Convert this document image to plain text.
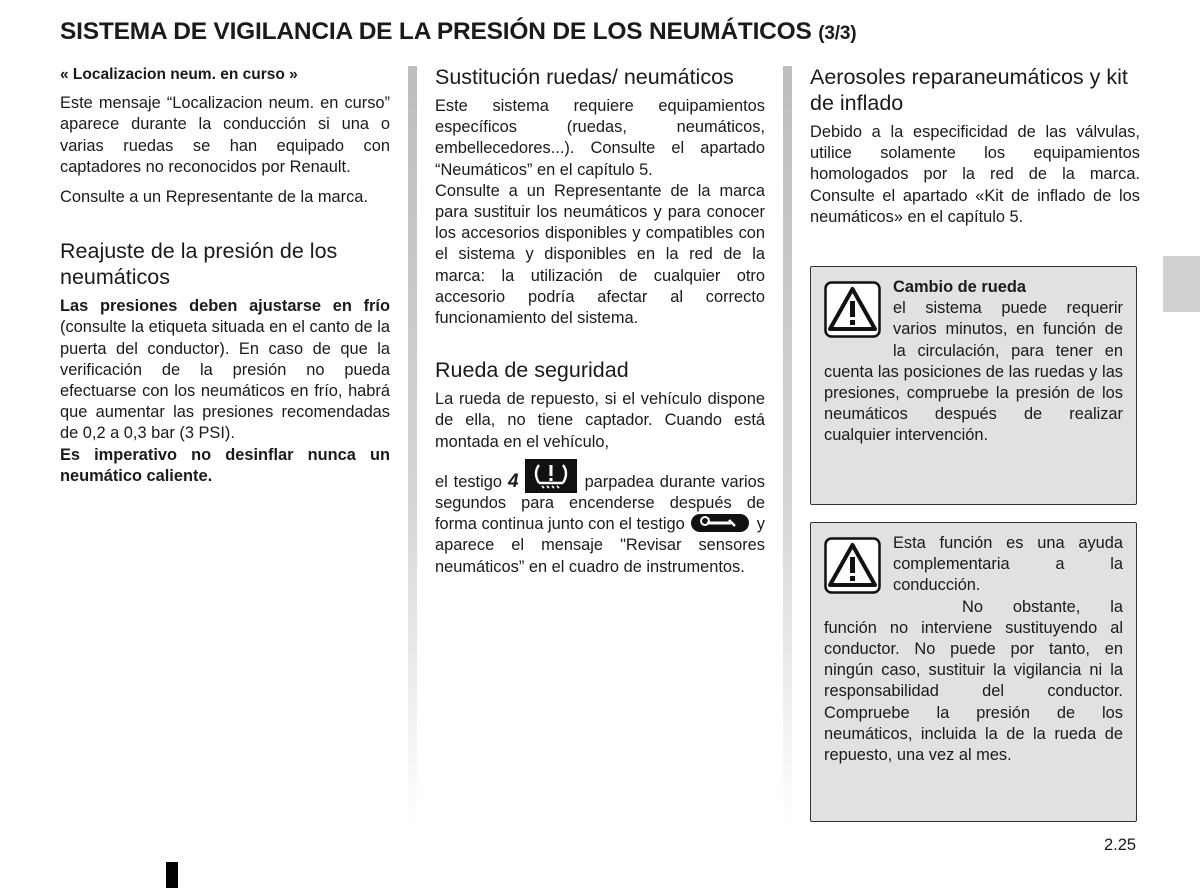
SISTEMA DE VIGILANCIA DE LA PRESIÓN DE LOS NEUMÁTICOS (3/3)
« Localizacion neum. en curso »

Este mensaje “Localizacion neum. en curso” aparece durante la conducción si una o varias ruedas se han equipado con captadores no reconocidos por Renault.

Consulte a un Representante de la marca.

Reajuste de la presión de los neumáticos

Las presiones deben ajustarse en frío (consulte la etiqueta situada en el canto de la puerta del conductor). En caso de que la verificación de la presión no pueda efectuarse con los neumáticos en frío, habrá que aumentar las presiones recomendadas de 0,2 a 0,3 bar (3 PSI).
Es imperativo no desinflar nunca un neumático caliente.

Sustitución ruedas/ neumáticos

Este sistema requiere equipamientos específicos (ruedas, neumáticos, embellecedores...). Consulte el apartado “Neumáticos” en el capítulo 5.
Consulte a un Representante de la marca para sustituir los neumáticos y para conocer los accesorios disponibles y compatibles con el sistema y disponibles en la red de la marca: la utilización de cualquier otro accesorio podría afectar al correcto funcionamiento del sistema.

Rueda de seguridad

La rueda de repuesto, si el vehículo dispone de ella, no tiene captador. Cuando está montada en el vehículo,

el testigo 4	parpadea durante varios segundos para encenderse después de forma continua junto con el testigo	y aparece el mensaje "Revisar sensores neumáticos” en el cuadro de instrumentos.

Aerosoles reparaneumáticos y kit de inflado

Debido a la especificidad de las válvulas, utilice solamente los equipamientos homologados por la red de la marca. Consulte el apartado «Kit de inflado de los neumáticos» en el capítulo 5.

Cambio de rueda
el sistema puede requerir varios minutos, en función de la circulación, para tener en cuenta las posiciones de las ruedas y las presiones, compruebe la presión de los neumáticos después de realizar cualquier intervención.
Esta función es una ayuda complementaria a la conducción.
No obstante, la función no interviene sustituyendo al conductor. No puede por tanto, en ningún caso, sustituir la vigilancia ni la responsabilidad del conductor. Compruebe la presión de los neumáticos, incluida la de la rueda de repuesto, una vez al mes.
2.25
